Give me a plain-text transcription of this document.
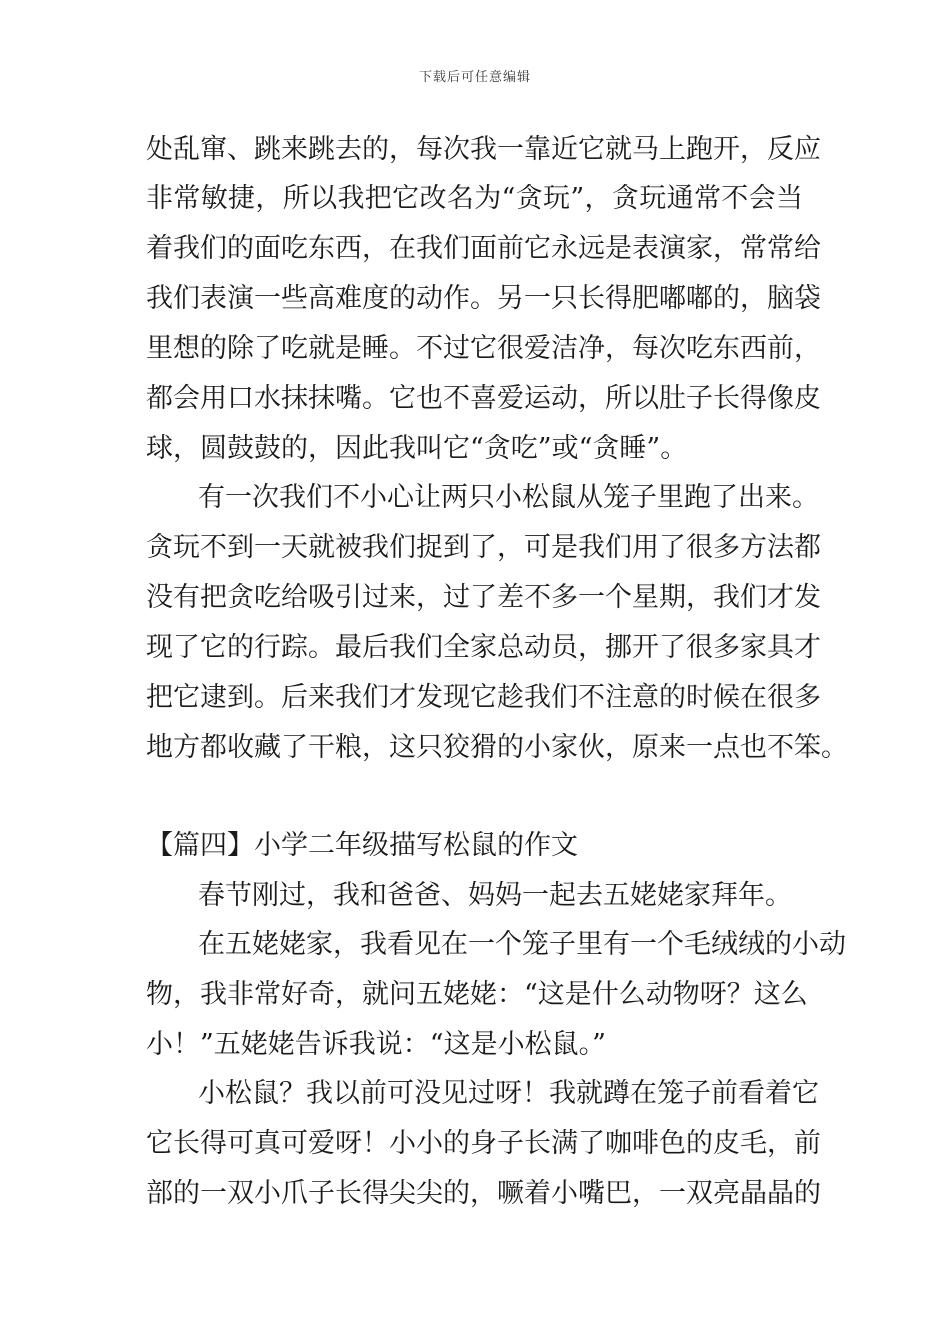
下载后可任意编辑
处乱窜、跳来跳去的，每次我一靠近它就马上跑开，反应
非常敏捷，所以我把它改名为“贪玩”，贪玩通常不会当
着我们的面吃东西，在我们面前它永远是表演家，常常给
我们表演一些高难度的动作。另一只长得肥嘟嘟的，脑袋
里想的除了吃就是睡。不过它很爱洁净，每次吃东西前，
都会用口水抹抹嘴。它也不喜爱运动，所以肚子长得像皮
球，圆鼓鼓的，因此我叫它“贪吃”或“贪睡”。
有一次我们不小心让两只小松鼠从笼子里跑了出来。
贪玩不到一天就被我们捉到了，可是我们用了很多方法都
没有把贪吃给吸引过来，过了差不多一个星期，我们才发
现了它的行踪。最后我们全家总动员，挪开了很多家具才
把它逮到。后来我们才发现它趁我们不注意的时候在很多
地方都收藏了干粮，这只狡猾的小家伙，原来一点也不笨。
【篇四】小学二年级描写松鼠的作文
春节刚过，我和爸爸、妈妈一起去五姥姥家拜年。
在五姥姥家，我看见在一个笼子里有一个毛绒绒的小动
物，我非常好奇，就问五姥姥：“这是什么动物呀？这么
小！”五姥姥告诉我说：“这是小松鼠。”
小松鼠？我以前可没见过呀！我就蹲在笼子前看着它
它长得可真可爱呀！小小的身子长满了咖啡色的皮毛，前
部的一双小爪子长得尖尖的，噘着小嘴巴，一双亮晶晶的
